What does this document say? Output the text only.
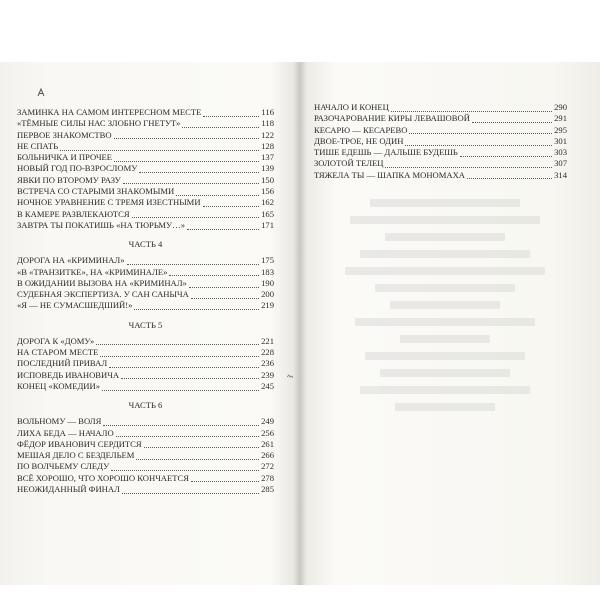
ЗАМИНКА НА САМОМ ИНТЕРЕСНОМ МЕСТЕ	116
«ТЁМНЫЕ СИЛЫ НАС ЗЛОБНО ГНЕТУТ»	118
ПЕРВОЕ ЗНАКОМСТВО	122
НЕ СПАТЬ	128
БОЛЬНИЧКА И ПРОЧЕЕ	137
НОВЫЙ ГОД ПО-ВЗРОСЛОМУ	139
ЯВКИ ПО ВТОРОМУ РАЗУ	150
ВСТРЕЧА СО СТАРЫМИ ЗНАКОМЫМИ	156
НОЧНОЕ УРАВНЕНИЕ С ТРЕМЯ ИЗЕСТНЫМИ	162
В КАМЕРЕ РАЗВЛЕКАЮТСЯ	165
ЗАВТРА ТЫ ПОКАТИШЬ «НА ТЮРЬМУ…»	171
ЧАСТЬ 4
ДОРОГА НА «КРИМИНАЛ»	175
«В «ТРАНЗИТКЕ», НА «КРИМИНАЛЕ»	183
В ОЖИДАНИИ ВЫЗОВА НА «КРИМИНАЛ»	190
СУДЕБНАЯ ЭКСПЕРТИЗА. У САН САНЫЧА	200
«Я — НЕ СУМАСШЕДШИЙ!»	219
ЧАСТЬ 5
ДОРОГА К «ДОМУ»	221
НА СТАРОМ МЕСТЕ	228
ПОСЛЕДНИЙ ПРИВАЛ	236
ИСПОВЕДЬ ИВАНОВИЧА	239
КОНЕЦ «КОМЕДИИ»	245
ЧАСТЬ 6
ВОЛЬНОМУ — ВОЛЯ	249
ЛИХА БЕДА — НАЧАЛО	256
ФЁДОР ИВАНОВИЧ СЕРДИТСЯ	261
МЕШАЯ ДЕЛО С БЕЗДЕЛЬЕМ	266
ПО ВОЛЧЬЕМУ СЛЕДУ	272
ВСЁ ХОРОШО, ЧТО ХОРОШО КОНЧАЕТСЯ	278
НЕОЖИДАННЫЙ ФИНАЛ	285
НАЧАЛО И КОНЕЦ	290
РАЗОЧАРОВАНИЕ КИРЫ ЛЕВАШОВОЙ	291
КЕСАРЮ — КЕСАРЕВО	295
ДВОЕ-ТРОЕ, НЕ ОДИН	301
ТИШЕ ЕДЕШЬ — ДАЛЬШЕ БУДЕШЬ	303
ЗОЛОТОЙ ТЕЛЕЦ	307
ТЯЖЕЛА ТЫ — ШАПКА МОНОМАХА	314
